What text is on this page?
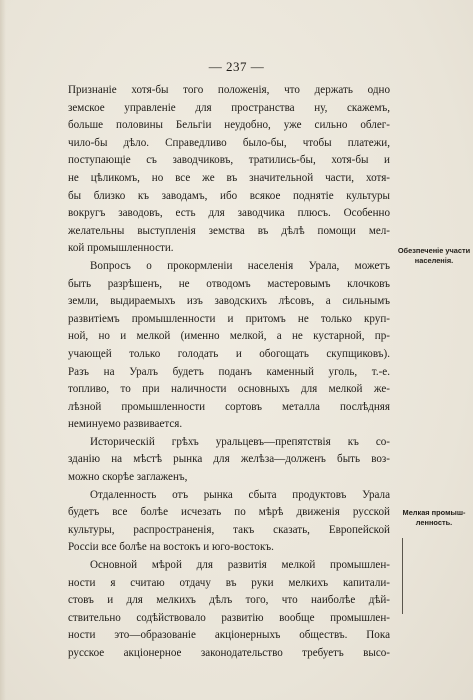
— 237 —
Признаніе хотя-бы того положенія, что держать одно
земское управленіе для пространства ну, скажемъ,
больше половины Бельгіи неудобно, уже сильно облег-
чило-бы дѣло. Справедливо было-бы, чтобы платежи,
поступающіе съ заводчиковъ, тратились-бы, хотя-бы и
не цѣликомъ, но все же въ значительной части, хотя-
бы близко къ заводамъ, ибо всякое поднятіе культуры
вокругъ заводовъ, есть для заводчика плюсъ. Особенно
желательны выступленія земства въ дѣлѣ помощи мел-
кой промышленности.
Вопросъ о прокормленіи населенія Урала, можетъ
быть разрѣшенъ, не отводомъ мастеровымъ клочковъ
земли, выдираемыхъ изъ заводскихъ лѣсовъ, а сильнымъ
развитіемъ промышленности и притомъ не только круп-
ной, но и мелкой (именно мелкой, а не кустарной, пр-
учающей только голодать и обогощать скупщиковъ).
Разъ на Уралъ будетъ поданъ каменный уголь, т.-е.
топливо, то при наличности основныхъ для мелкой же-
лѣзной промышленности сортовъ металла послѣдняя
неминуемо развивается.
Историческій грѣхъ уральцевъ—препятствія къ со-
зданію на мѣстѣ рынка для желѣза—долженъ быть воз-
можно скорѣе заглаженъ,
Отдаленность отъ рынка сбыта продуктовъ Урала
будетъ все болѣе исчезать по мѣрѣ движенія русской
культуры, распространенія, такъ сказать, Европейской
Россіи все болѣе на востокъ и юго-востокъ.
Основной мѣрой для развитія мелкой промышлен-
ности я считаю отдачу въ руки мелкихъ капитали-
стовъ и для мелкихъ дѣлъ того, что наиболѣе дѣй-
ствительно содѣйствовало развитію вообще промышлен-
ности это—образованіе акціонерныхъ обществъ. Пока
русское акціонерное законодательство требуетъ высо-
Обезпеченіе участи
населенія.
Мелкая промыш-
ленность.
